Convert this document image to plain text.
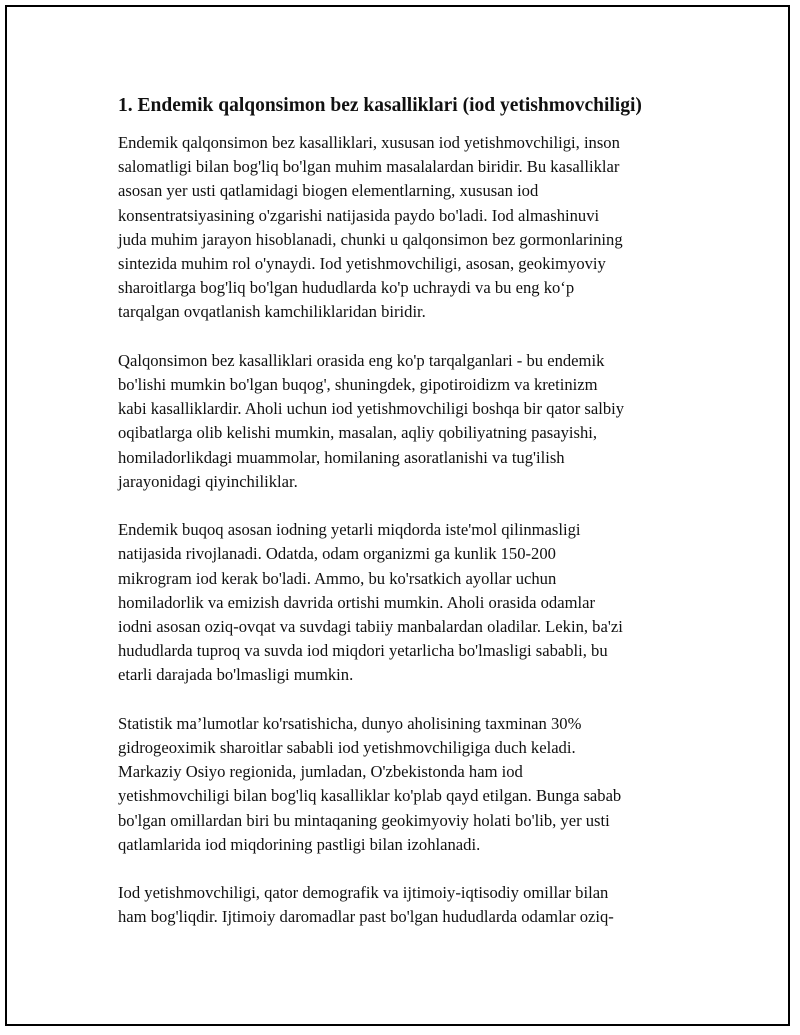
1. Endemik qalqonsimon bez kasalliklari (iod yetishmovchiligi)

Endemik qalqonsimon bez kasalliklari, xususan iod yetishmovchiligi, inson
salomatligi bilan bog'liq bo'lgan muhim masalalardan biridir. Bu kasalliklar
asosan yer usti qatlamidagi biogen elementlarning, xususan iod
konsentratsiyasining o'zgarishi natijasida paydo bo'ladi. Iod almashinuvi
juda muhim jarayon hisoblanadi, chunki u qalqonsimon bez gormonlarining
sintezida muhim rol o'ynaydi. Iod yetishmovchiligi, asosan, geokimyoviy
sharoitlarga bog'liq bo'lgan hududlarda ko'p uchraydi va bu eng ko‘p
tarqalgan ovqatlanish kamchiliklaridan biridir.

Qalqonsimon bez kasalliklari orasida eng ko'p tarqalganlari - bu endemik
bo'lishi mumkin bo'lgan buqog', shuningdek, gipotiroidizm va kretinizm
kabi kasalliklardir. Aholi uchun iod yetishmovchiligi boshqa bir qator salbiy
oqibatlarga olib kelishi mumkin, masalan, aqliy qobiliyatning pasayishi,
homiladorlikdagi muammolar, homilaning asoratlanishi va tug'ilish
jarayonidagi qiyinchiliklar.

Endemik buqoq asosan iodning yetarli miqdorda iste'mol qilinmasligi
natijasida rivojlanadi. Odatda, odam organizmi ga kunlik 150-200
mikrogram iod kerak bo'ladi. Ammo, bu ko'rsatkich ayollar uchun
homiladorlik va emizish davrida ortishi mumkin. Aholi orasida odamlar
iodni asosan oziq-ovqat va suvdagi tabiiy manbalardan oladilar. Lekin, ba'zi
hududlarda tuproq va suvda iod miqdori yetarlicha bo'lmasligi sababli, bu
etarli darajada bo'lmasligi mumkin.

Statistik ma’lumotlar ko'rsatishicha, dunyo aholisining taxminan 30%
gidrogeoximik sharoitlar sababli iod yetishmovchiligiga duch keladi.
Markaziy Osiyo regionida, jumladan, O'zbekistonda ham iod
yetishmovchiligi bilan bog'liq kasalliklar ko'plab qayd etilgan. Bunga sabab
bo'lgan omillardan biri bu mintaqaning geokimyoviy holati bo'lib, yer usti
qatlamlarida iod miqdorining pastligi bilan izohlanadi.

Iod yetishmovchiligi, qator demografik va ijtimoiy-iqtisodiy omillar bilan
ham bog'liqdir. Ijtimoiy daromadlar past bo'lgan hududlarda odamlar oziq-
